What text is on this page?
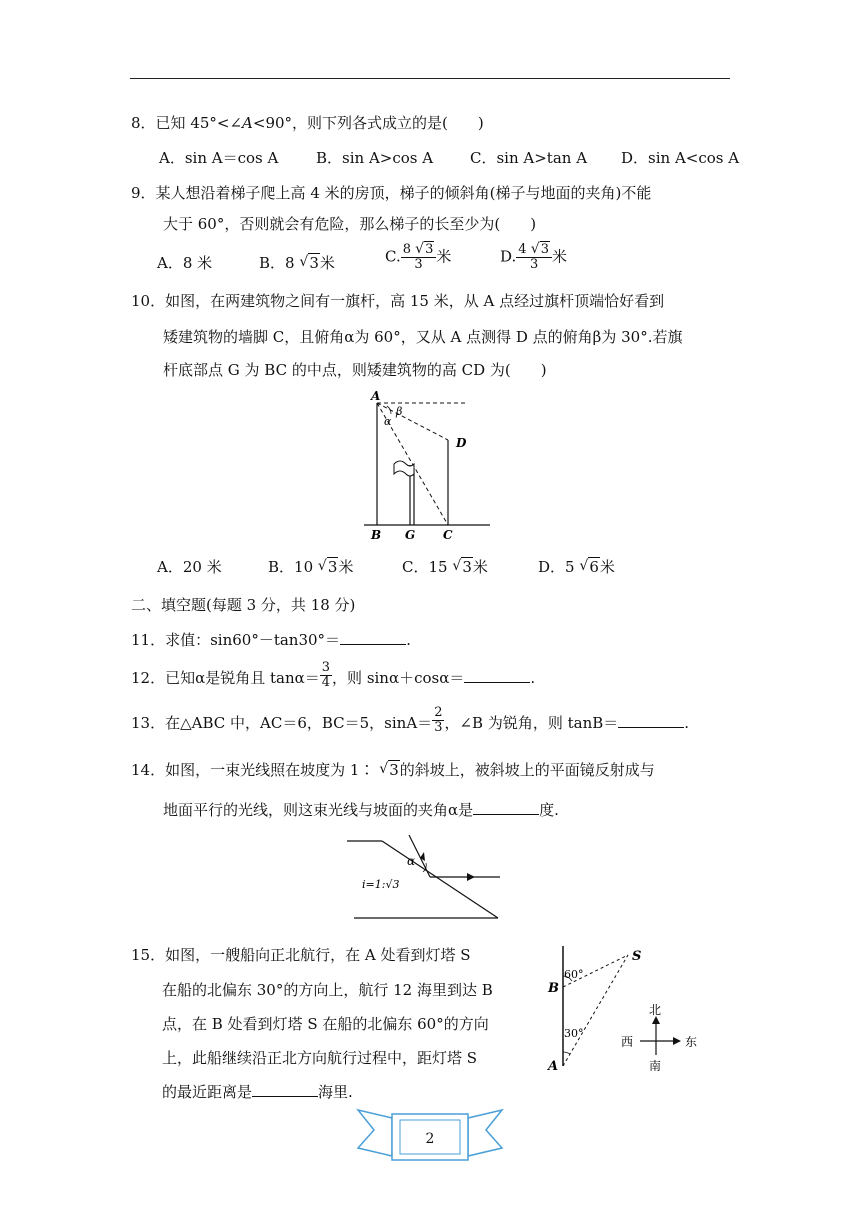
8．已知 45°<∠A<90°，则下列各式成立的是(　　)
A．sin A＝cos A	B．sin A>cos A C．sin A>tan A D．sin A<cos A
9．某人想沿着梯子爬上高 4 米的房顶，梯子的倾斜角(梯子与地面的夹角)不能
大于 60°，否则就会有危险，那么梯子的长至少为(　　)
A．8 米	B．8 √ 3米	C. $\frac{8 √ 3}{3}$ 米	D. $\frac{4 √ 3}{3}$ 米
10．如图，在两建筑物之间有一旗杆，高 15 米，从 A 点经过旗杆顶端恰好看到
矮建筑物的墙脚 C，且俯角α为 60°，又从 A 点测得 D 点的俯角β为 30°.若旗
杆底部点 G 为 BC 的中点，则矮建筑物的高 CD 为(　　)
A
α
β
D
B G C
A．20 米	B．10 √ 3米	C．15 √ 3米	D．5 √ 6米
二、填空题(每题 3 分，共 18 分)
11．求值：sin60°－tan30°＝	.
12．已知α是锐角且 $\tan\alpha= \frac{3}{4}$ ，则 sinα＋cosα＝	.
13．在△ABC 中，AC＝6，BC＝5，$\sin A= \frac{2}{3}$ ，∠B 为锐角，则 tanB＝	.
14．如图，一束光线照在坡度为 1∶ √ 3的斜坡上，被斜坡上的平面镜反射成与
地面平行的光线，则这束光线与坡面的夹角α是	度.
α
i=1:√3
15．如图，一艘船向正北航行，在 A 处看到灯塔 S
在船的北偏东 30°的方向上，航行 12 海里到达 B
点，在 B 处看到灯塔 S 在船的北偏东 60°的方向
上，此船继续沿正北方向航行过程中，距灯塔 S
的最近距离是	海里.
S
B
A
60°
30°
北
南
西	东
2
